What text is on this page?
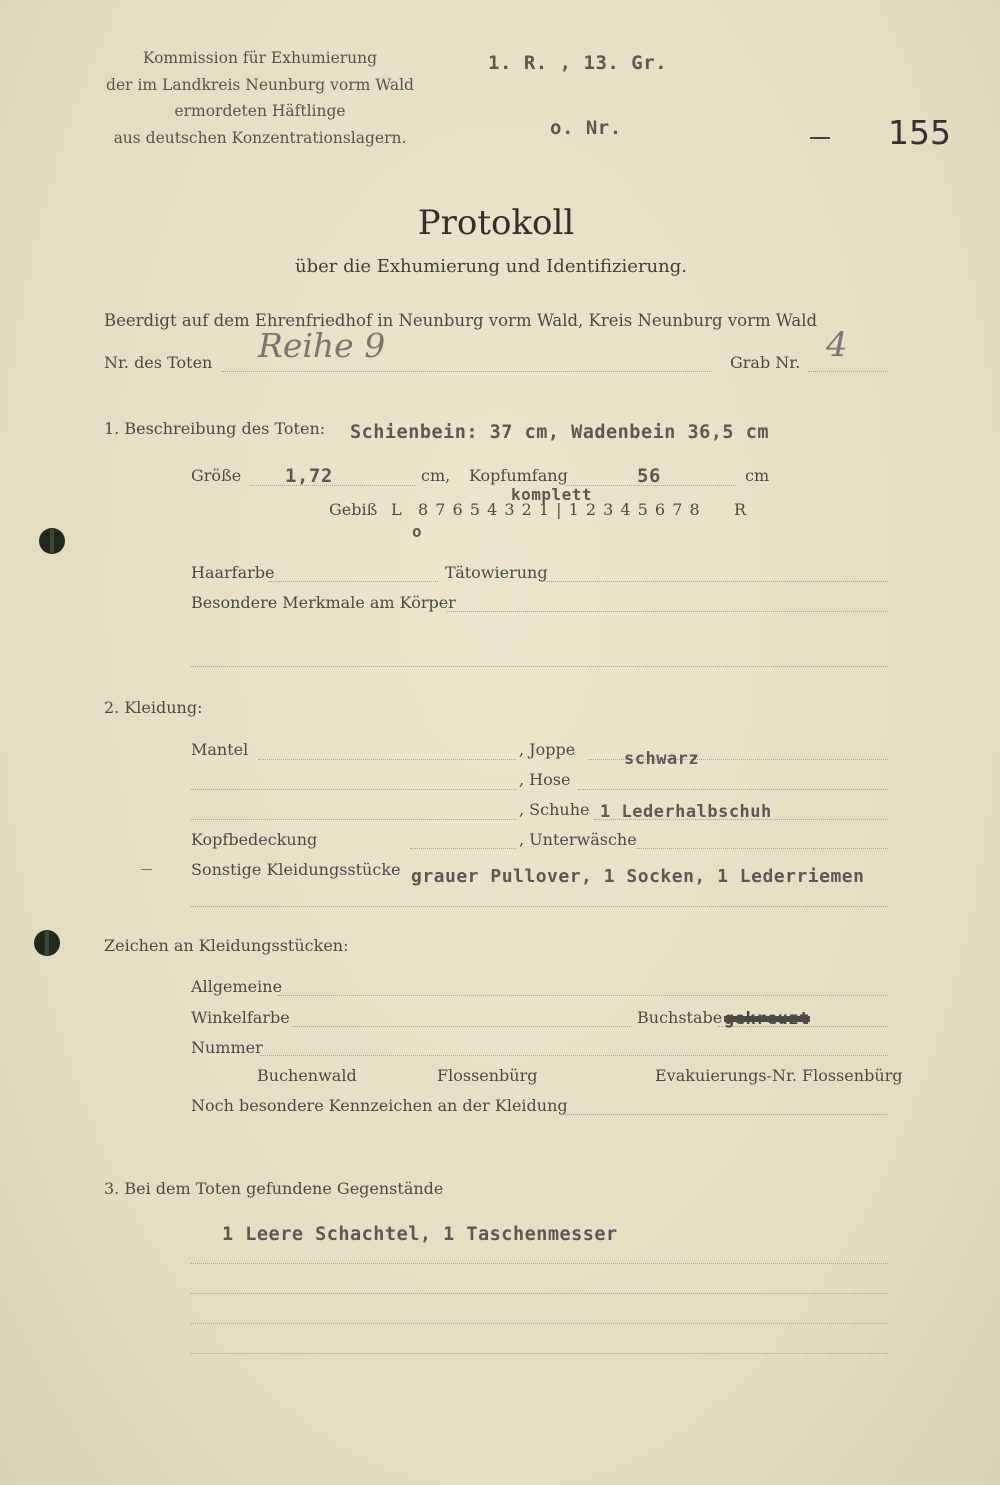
Kommission für Exhumierung
der im Landkreis Neunburg vorm Wald
ermordeten Häftlinge
aus deutschen Konzentrationslagern.
1. R. , 13. Gr.
o. Nr.	155
Protokoll
über die Exhumierung und Identifizierung.
Beerdigt auf dem Ehrenfriedhof in Neunburg vorm Wald, Kreis Neunburg vorm Wald
Nr. des Toten Reihe 9	Grab Nr. 4
1. Beschreibung des Toten: Schienbein: 37 cm, Wadenbein 36,5 cm
Größe 1,72	cm, Kopfumfang	56	cm
Gebiß L 8 7 6 5 4 3 2 1 | 1 2 3 4 5 6 7 8 R
komplett
o
Haarfarbe	Tätowierung
Besondere Merkmale am Körper
2. Kleidung:
Mantel	, Joppe	schwarz
, Hose
, Schuhe 1 Lederhalbschuh
Kopfbedeckung	, Unterwäsche
Sonstige Kleidungsstücke grauer Pullover, 1 Socken, 1 Lederriemen
Zeichen an Kleidungsstücken:
Allgemeine
Winkelfarbe	Buchstabe gekreuzt
Nummer
Buchenwald	Flossenbürg	Evakuierungs-Nr. Flossenbürg
Noch besondere Kennzeichen an der Kleidung
3. Bei dem Toten gefundene Gegenstände
1 Leere Schachtel, 1 Taschenmesser
